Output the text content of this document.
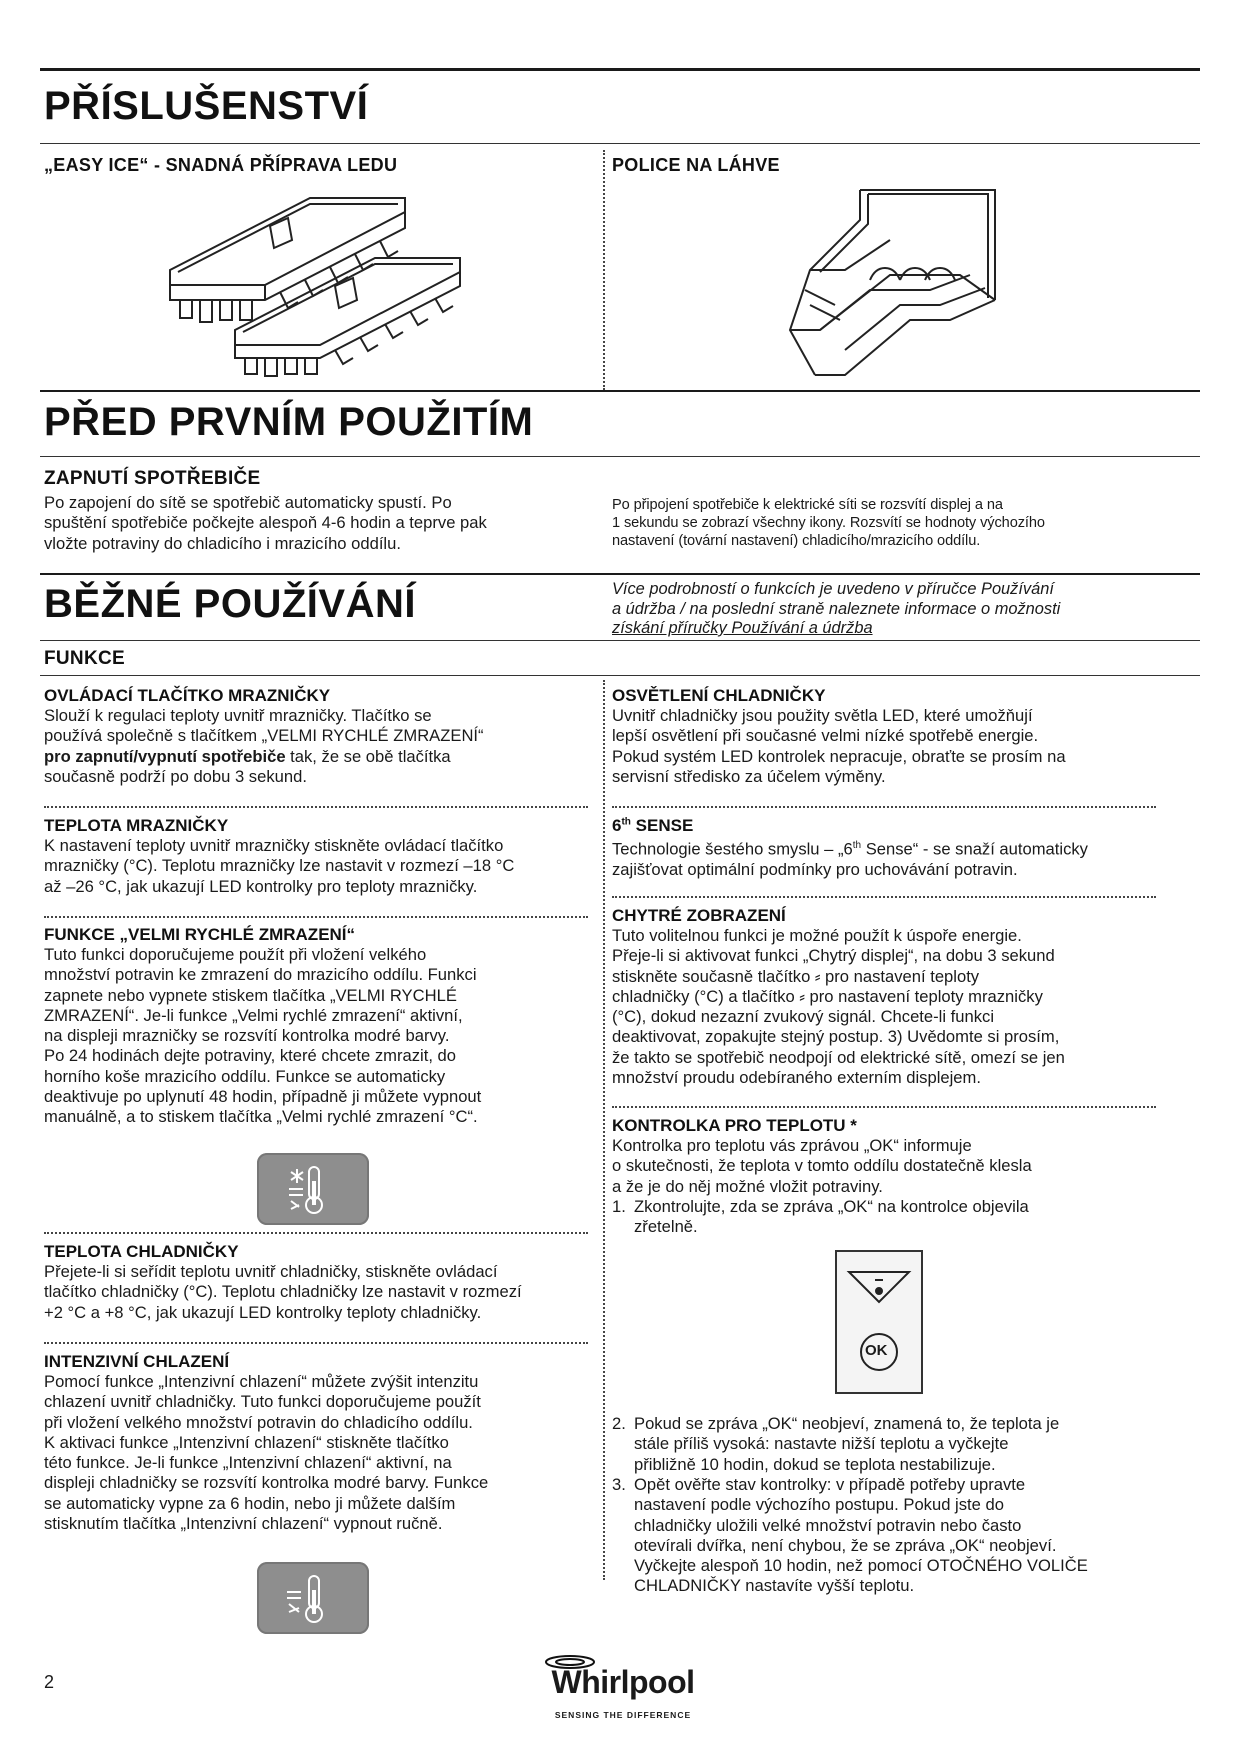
PŘÍSLUŠENSTVÍ
„EASY ICE“ - SNADNÁ PŘÍPRAVA LEDU	POLICE NA LÁHVE
PŘED PRVNÍM POUŽITÍM
ZAPNUTÍ SPOTŘEBIČE
Po zapojení do sítě se spotřebič automaticky spustí. Po
spuštění spotřebiče počkejte alespoň 4-6 hodin a teprve pak
vložte potraviny do chladicího i mrazicího oddílu.
Po připojení spotřebiče k elektrické síti se rozsvítí displej a na
1 sekundu se zobrazí všechny ikony. Rozsvítí se hodnoty výchozího
nastavení (tovární nastavení) chladicího/mrazicího oddílu.
BĚŽNÉ POUŽÍVÁNÍ	Více podrobností o funkcích je uvedeno v příručce Používání
a údržba / na poslední straně naleznete informace o možnosti
získání příručky Používání a údržba
FUNKCE
OVLÁDACÍ TLAČÍTKO MRAZNIČKY
Slouží k regulaci teploty uvnitř mrazničky. Tlačítko se
používá společně s tlačítkem „VELMI RYCHLÉ ZMRAZENÍ“
pro zapnutí/vypnutí spotřebiče tak, že se obě tlačítka
současně podrží po dobu 3 sekund.
TEPLOTA MRAZNIČKY
K nastavení teploty uvnitř mrazničky stiskněte ovládací tlačítko
mrazničky (°C). Teplotu mrazničky lze nastavit v rozmezí –18 °C
až –26 °C, jak ukazují LED kontrolky pro teploty mrazničky.
FUNKCE „VELMI RYCHLÉ ZMRAZENÍ“
Tuto funkci doporučujeme použít při vložení velkého
množství potravin ke zmrazení do mrazicího oddílu. Funkci
zapnete nebo vypnete stiskem tlačítka „VELMI RYCHLÉ
ZMRAZENÍ“. Je-li funkce „Velmi rychlé zmrazení“ aktivní,
na displeji mrazničky se rozsvítí kontrolka modré barvy.
Po 24 hodinách dejte potraviny, které chcete zmrazit, do
horního koše mrazicího oddílu. Funkce se automaticky
deaktivuje po uplynutí 48 hodin, případně ji můžete vypnout
manuálně, a to stiskem tlačítka „Velmi rychlé zmrazení °C“.
TEPLOTA CHLADNIČKY
Přejete-li si seřídit teplotu uvnitř chladničky, stiskněte ovládací
tlačítko chladničky (°C). Teplotu chladničky lze nastavit v rozmezí
+2 °C a +8 °C, jak ukazují LED kontrolky teploty chladničky.
INTENZIVNÍ CHLAZENÍ
Pomocí funkce „Intenzivní chlazení“ můžete zvýšit intenzitu
chlazení uvnitř chladničky. Tuto funkci doporučujeme použít
při vložení velkého množství potravin do chladicího oddílu.
K aktivaci funkce „Intenzivní chlazení“ stiskněte tlačítko
této funkce. Je-li funkce „Intenzivní chlazení“ aktivní, na
displeji chladničky se rozsvítí kontrolka modré barvy. Funkce
se automaticky vypne za 6 hodin, nebo ji můžete dalším
stisknutím tlačítka „Intenzivní chlazení“ vypnout ručně.
OSVĚTLENÍ CHLADNIČKY
Uvnitř chladničky jsou použity světla LED, které umožňují
lepší osvětlení při současné velmi nízké spotřebě energie.
Pokud systém LED kontrolek nepracuje, obraťte se prosím na
servisní středisko za účelem výměny.
6th SENSE
Technologie šestého smyslu – „6th Sense“ - se snaží automaticky
zajišťovat optimální podmínky pro uchovávání potravin.
CHYTRÉ ZOBRAZENÍ
Tuto volitelnou funkci je možné použít k úspoře energie.
Přeje-li si aktivovat funkci „Chytrý displej“, na dobu 3 sekund
stiskněte současně tlačítko ⸗ pro nastavení teploty
chladničky (°C) a tlačítko ⸗ pro nastavení teploty mrazničky
(°C), dokud nezazní zvukový signál. Chcete-li funkci
deaktivovat, zopakujte stejný postup. 3) Uvědomte si prosím,
že takto se spotřebič neodpojí od elektrické sítě, omezí se jen
množství proudu odebíraného externím displejem.
KONTROLKA PRO TEPLOTU *
Kontrolka pro teplotu vás zprávou „OK“ informuje
o skutečnosti, že teplota v tomto oddílu dostatečně klesla
a že je do něj možné vložit potraviny.
1. Zkontrolujte, zda se zpráva „OK“ na kontrolce objevila
zřetelně.
OK
2. Pokud se zpráva „OK“ neobjeví, znamená to, že teplota je
stále příliš vysoká: nastavte nižší teplotu a vyčkejte
přibližně 10 hodin, dokud se teplota nestabilizuje.
3. Opět ověřte stav kontrolky: v případě potřeby upravte
nastavení podle výchozího postupu. Pokud jste do
chladničky uložili velké množství potravin nebo často
otevírali dvířka, není chybou, že se zpráva „OK“ neobjeví.
Vyčkejte alespoň 10 hodin, než pomocí OTOČNÉHO VOLIČE
CHLADNIČKY nastavíte vyšší teplotu.
2	Whirlpool
SENSING THE DIFFERENCE
